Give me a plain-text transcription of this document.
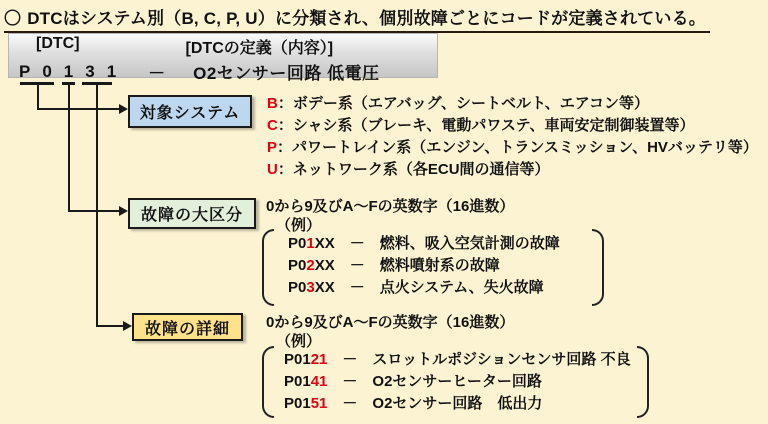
〇 DTCはシステム別（B, C, P, U）に分類され、個別故障ごとにコードが定義されている。
[DTC]	[DTCの定義（内容）]
P0131 － O2センサー回路 低電圧
対象システム
故障の大区分
故障の詳細
B：ボデー系（エアバッグ、シートベルト、エアコン等）
C：シャシ系（ブレーキ、電動パワステ、車両安定制御装置等）
P：パワートレイン系（エンジン、トランスミッション、HVバッテリ等）
U：ネットワーク系（各ECU間の通信等）
0から9及びA～Fの英数字（16進数）
（例）
P01XX － 燃料、吸入空気計測の故障
P02XX － 燃料噴射系の故障
P03XX － 点火システム、失火故障
0から9及びA～Fの英数字（16進数）
（例）
P0121 － スロットルポジションセンサ回路 不良
P0141 － O2センサーヒーター回路
P0151 － O2センサー回路　低出力
